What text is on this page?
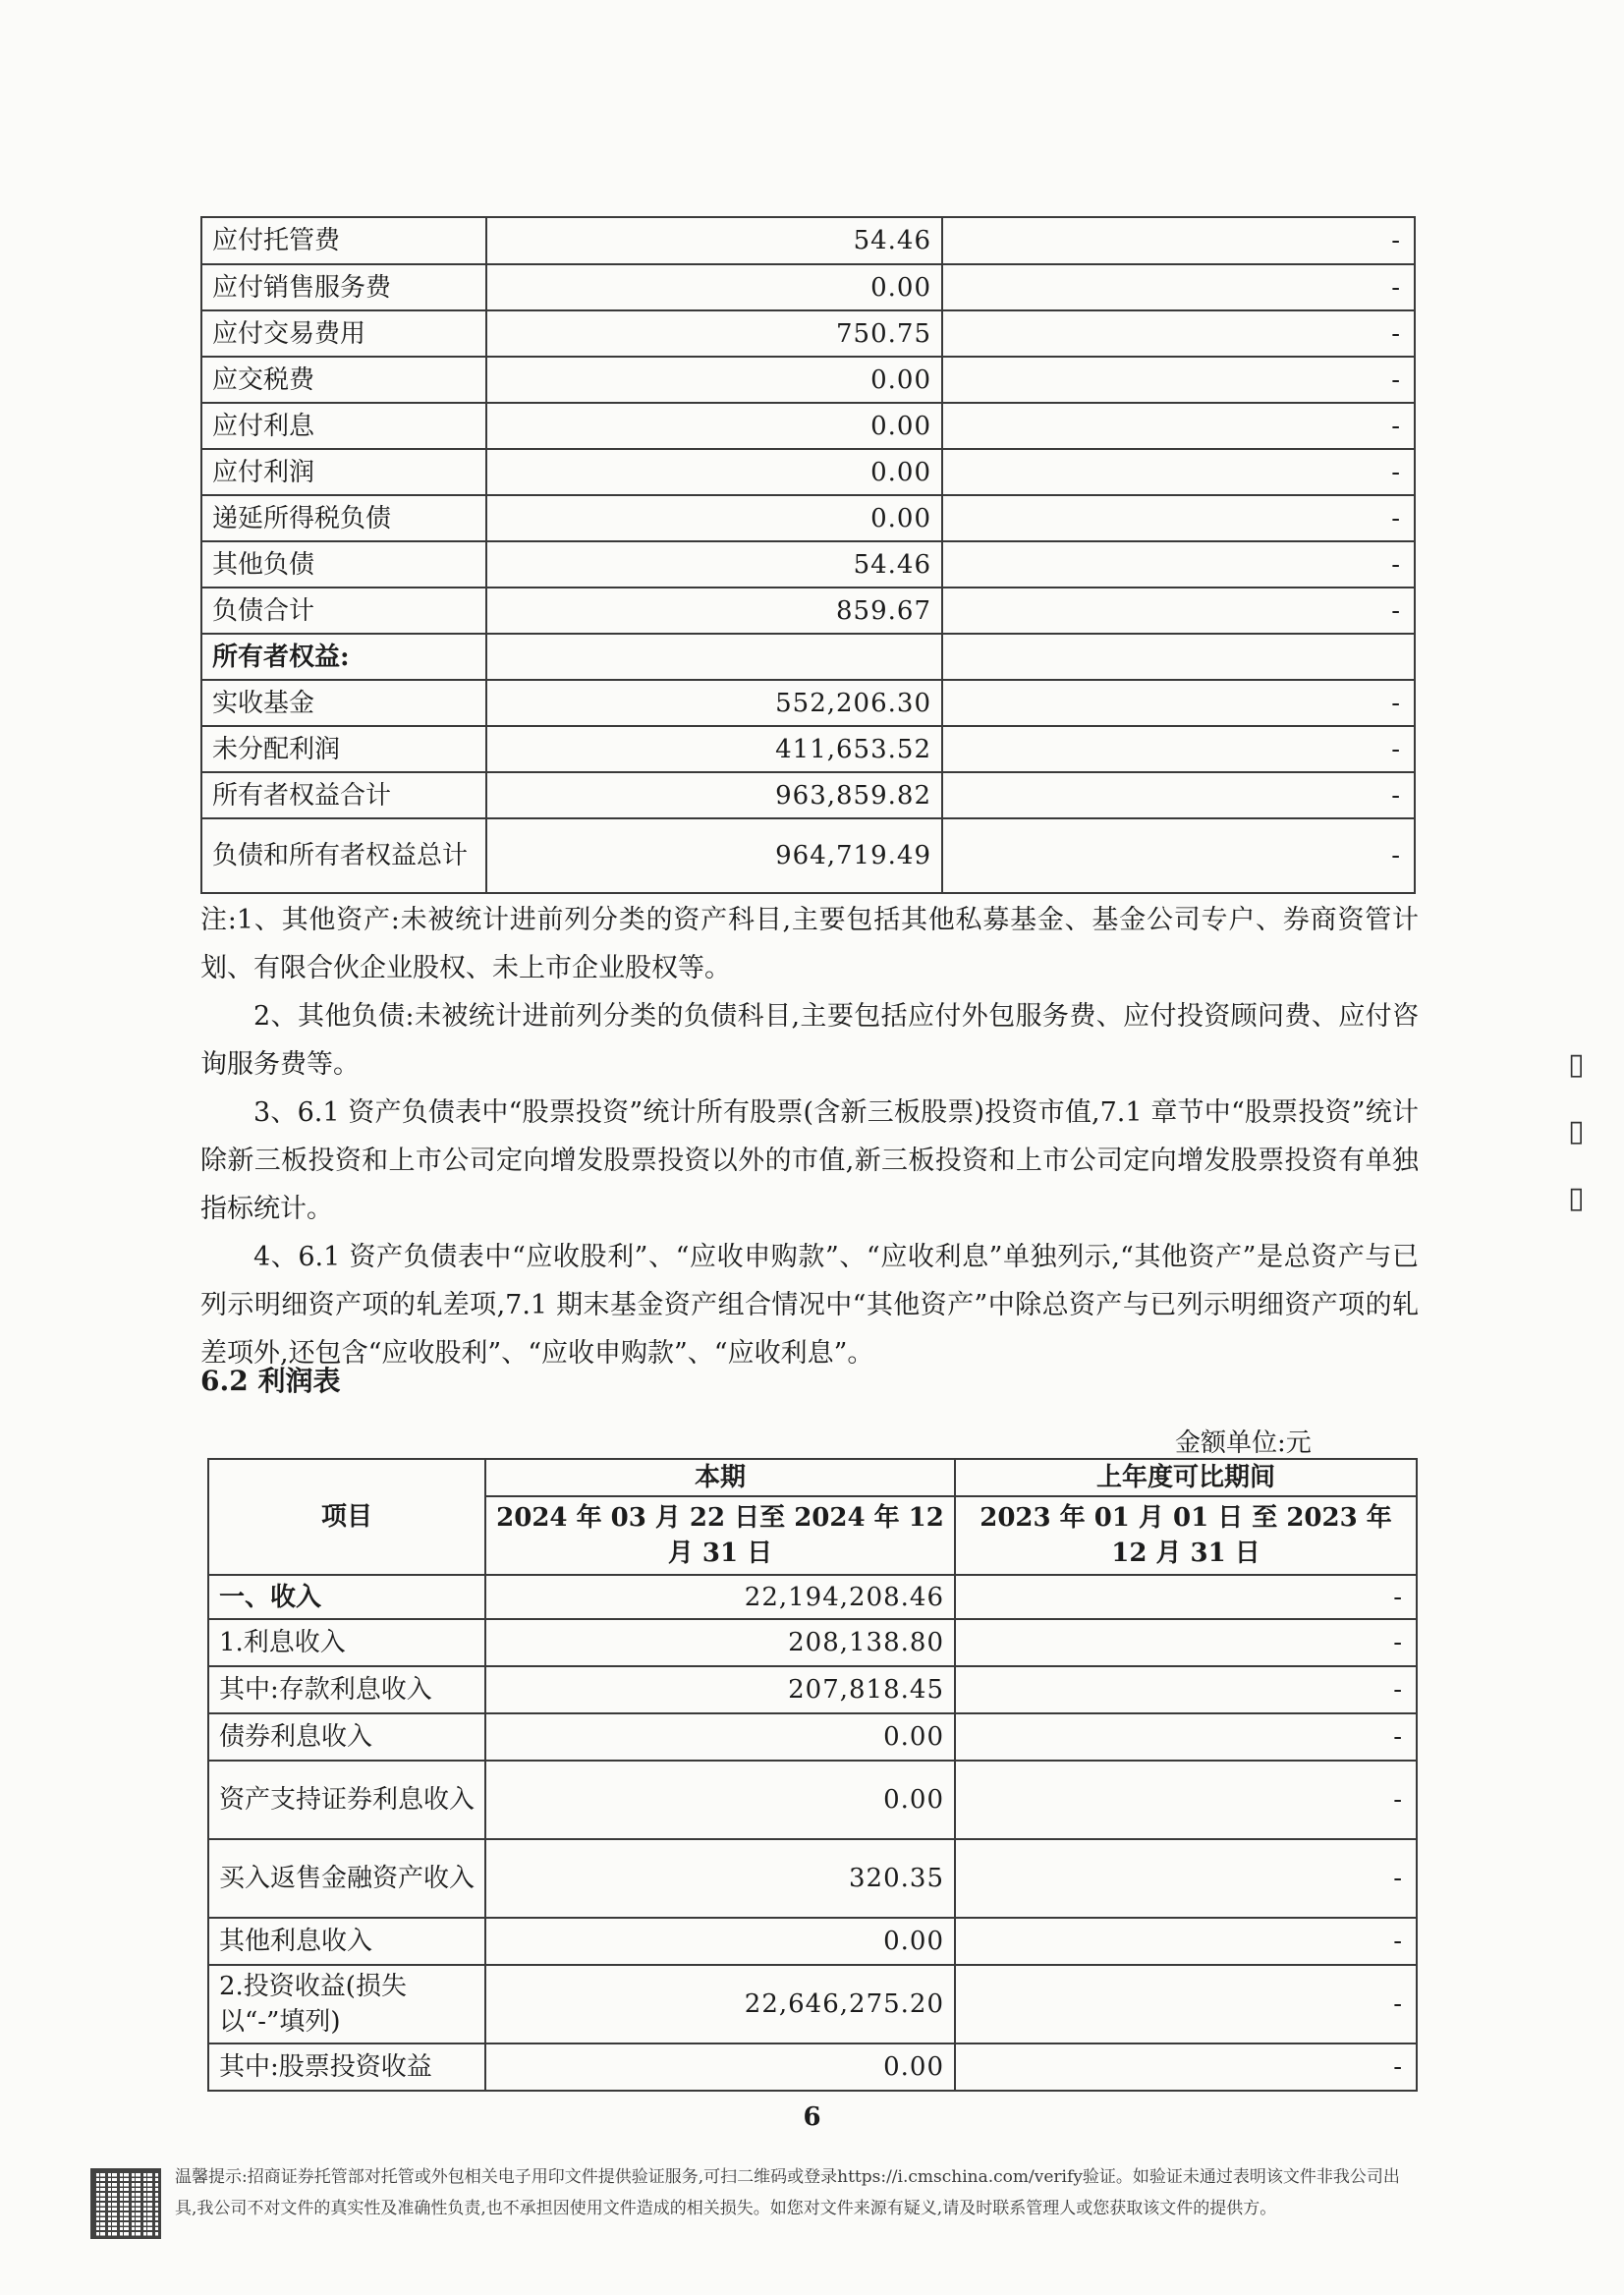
应付托管费	54.46	-
应付销售服务费	0.00	-
应付交易费用	750.75	-
应交税费	0.00	-
应付利息	0.00	-
应付利润	0.00	-
递延所得税负债	0.00	-
其他负债	54.46	-
负债合计	859.67	-
所有者权益:		
实收基金	552,206.30	-
未分配利润	411,653.52	-
所有者权益合计	963,859.82	-
负债和所有者权益总计	964,719.49	-

注:1、其他资产:未被统计进前列分类的资产科目,主要包括其他私募基金、基金公司专户、券商资管计划、有限合伙企业股权、未上市企业股权等。

2、其他负债:未被统计进前列分类的负债科目,主要包括应付外包服务费、应付投资顾问费、应付咨询服务费等。

3、6.1 资产负债表中“股票投资”统计所有股票(含新三板股票)投资市值,7.1 章节中“股票投资”统计除新三板投资和上市公司定向增发股票投资以外的市值,新三板投资和上市公司定向增发股票投资有单独指标统计。

4、6.1 资产负债表中“应收股利”、“应收申购款”、“应收利息”单独列示,“其他资产”是总资产与已列示明细资产项的轧差项,7.1 期末基金资产组合情况中“其他资产”中除总资产与已列示明细资产项的轧差项外,还包含“应收股利”、“应收申购款”、“应收利息”。

6.2 利润表
金额单位:元
项目	本期	上年度可比期间
	2024 年 03 月 22 日至 2024 年 12 月 31 日	2023 年 01 月 01 日 至 2023 年 12 月 31 日
一、收入	22,194,208.46	-
1.利息收入	208,138.80	-
其中:存款利息收入	207,818.45	-
债券利息收入	0.00	-
资产支持证券利息收入	0.00	-
买入返售金融资产收入	320.35	-
其他利息收入	0.00	-
2.投资收益(损失以“-”填列)	22,646,275.20	-
其中:股票投资收益	0.00	-
6

温馨提示:招商证券托管部对托管或外包相关电子用印文件提供验证服务,可扫二维码或登录https://i.cmschina.com/verify验证。如验证未通过表明该文件非我公司出

具,我公司不对文件的真实性及准确性负责,也不承担因使用文件造成的相关损失。如您对文件来源有疑义,请及时联系管理人或您获取该文件的提供方。

▯
▯
▯
